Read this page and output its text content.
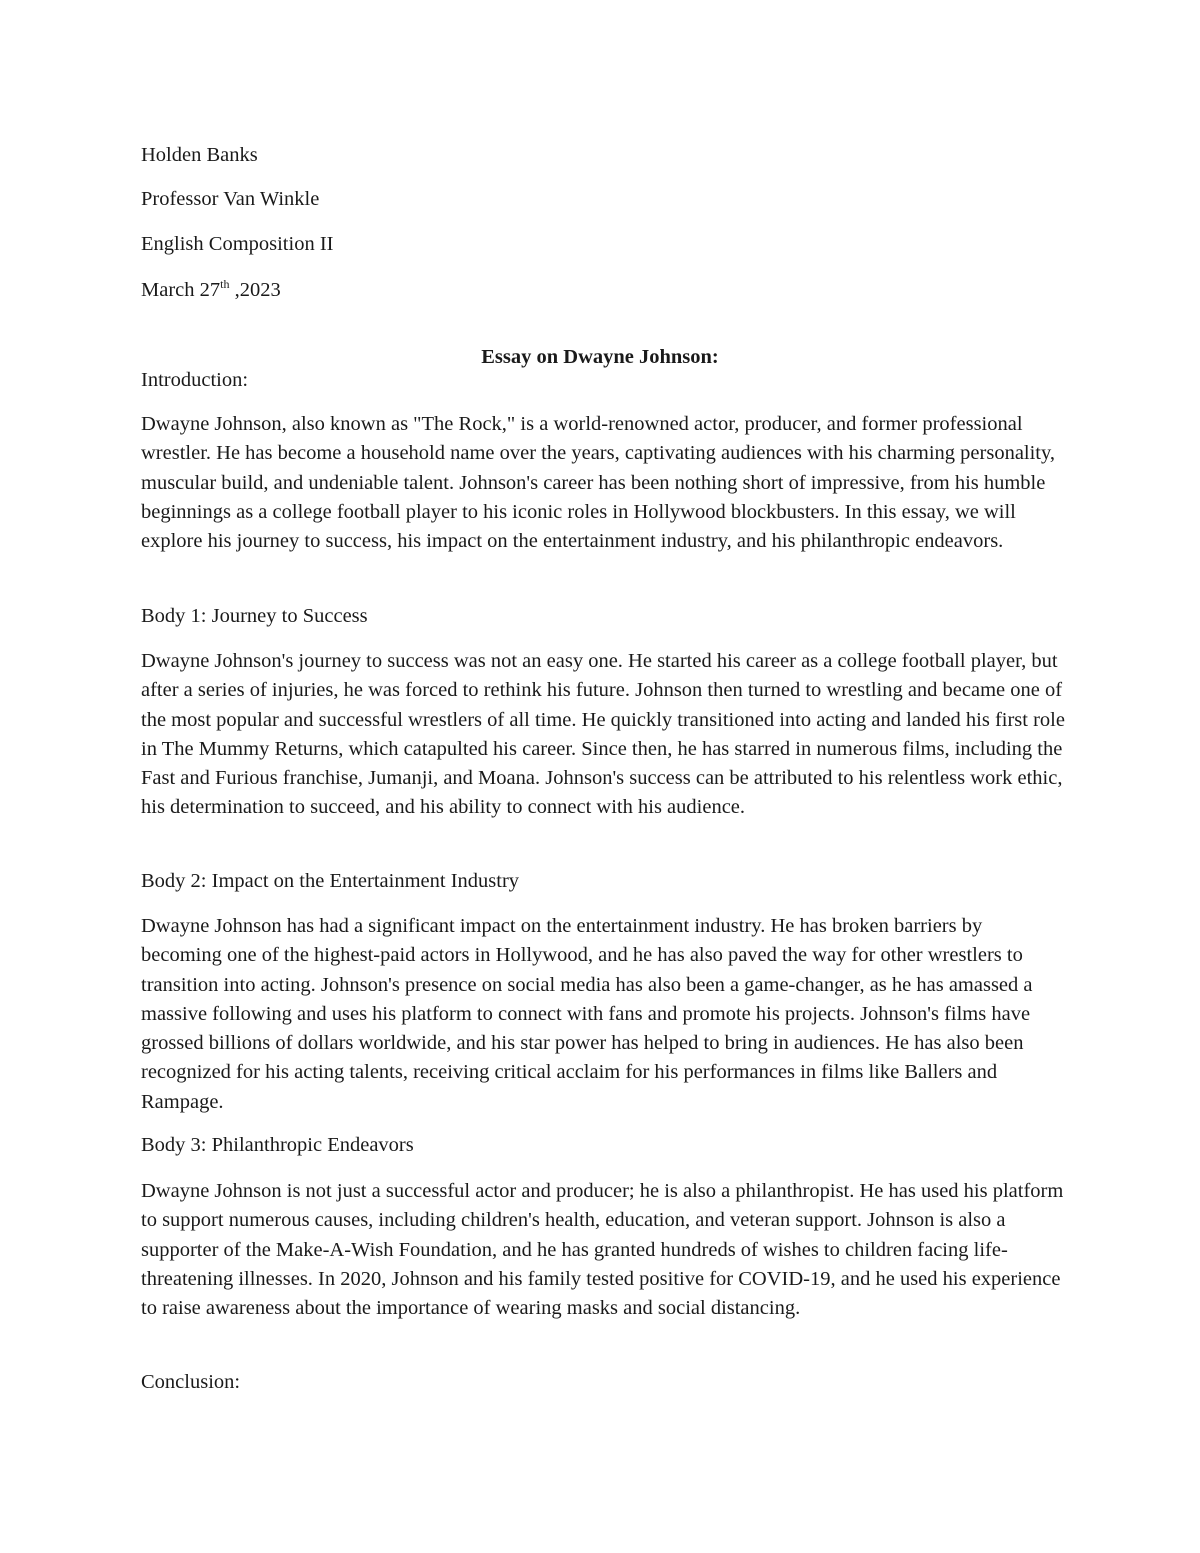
Holden Banks

Professor Van Winkle

English Composition II

March 27th ,2023

Essay on Dwayne Johnson:

Introduction:

Dwayne Johnson, also known as "The Rock," is a world-renowned actor, producer, and former professional wrestler. He has become a household name over the years, captivating audiences with his charming personality, muscular build, and undeniable talent. Johnson's career has been nothing short of impressive, from his humble beginnings as a college football player to his iconic roles in Hollywood blockbusters. In this essay, we will explore his journey to success, his impact on the entertainment industry, and his philanthropic endeavors.

Body 1: Journey to Success

Dwayne Johnson's journey to success was not an easy one. He started his career as a college football player, but after a series of injuries, he was forced to rethink his future. Johnson then turned to wrestling and became one of the most popular and successful wrestlers of all time. He quickly transitioned into acting and landed his first role in The Mummy Returns, which catapulted his career. Since then, he has starred in numerous films, including the Fast and Furious franchise, Jumanji, and Moana. Johnson's success can be attributed to his relentless work ethic, his determination to succeed, and his ability to connect with his audience.

Body 2: Impact on the Entertainment Industry

Dwayne Johnson has had a significant impact on the entertainment industry. He has broken barriers by becoming one of the highest-paid actors in Hollywood, and he has also paved the way for other wrestlers to transition into acting. Johnson's presence on social media has also been a game-changer, as he has amassed a massive following and uses his platform to connect with fans and promote his projects. Johnson's films have grossed billions of dollars worldwide, and his star power has helped to bring in audiences. He has also been recognized for his acting talents, receiving critical acclaim for his performances in films like Ballers and Rampage.

Body 3: Philanthropic Endeavors

Dwayne Johnson is not just a successful actor and producer; he is also a philanthropist. He has used his platform to support numerous causes, including children's health, education, and veteran support. Johnson is also a supporter of the Make-A-Wish Foundation, and he has granted hundreds of wishes to children facing life-threatening illnesses. In 2020, Johnson and his family tested positive for COVID-19, and he used his experience to raise awareness about the importance of wearing masks and social distancing.

Conclusion:
